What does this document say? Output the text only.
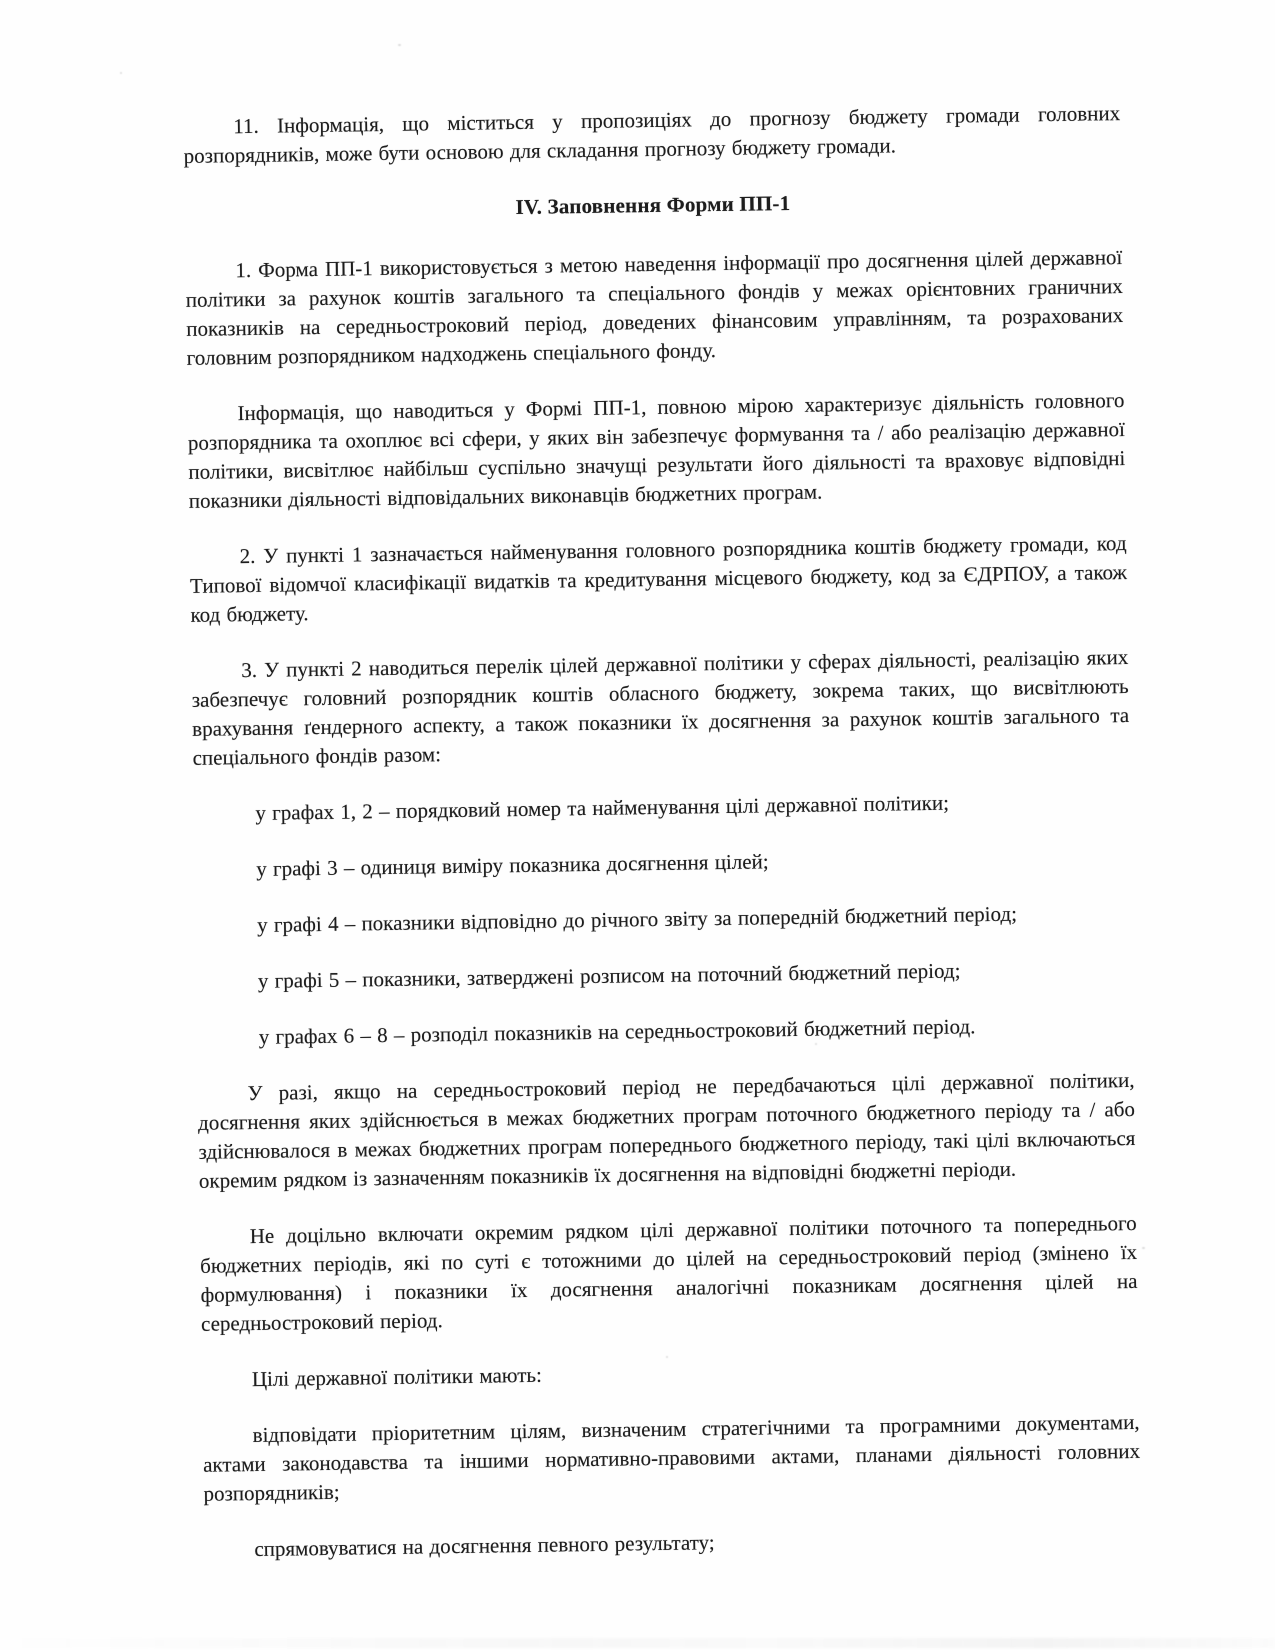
11. Інформація, що міститься у пропозиціях до прогнозу бюджету громади головних розпорядників, може бути основою для складання прогнозу бюджету громади.

IV. Заповнення Форми ПП-1

1. Форма ПП-1 використовується з метою наведення інформації про досягнення цілей державної політики за рахунок коштів загального та спеціального фондів у межах орієнтовних граничних показників на середньостроковий період, доведених фінансовим управлінням, та розрахованих головним розпорядником надходжень спеціального фонду.

Інформація, що наводиться у Формі ПП-1, повною мірою характеризує діяльність головного розпорядника та охоплює всі сфери, у яких він забезпечує формування та / або реалізацію державної політики, висвітлює найбільш суспільно значущі результати його діяльності та враховує відповідні показники діяльності відповідальних виконавців бюджетних програм.

2. У пункті 1 зазначається найменування головного розпорядника коштів бюджету громади, код Типової відомчої класифікації видатків та кредитування місцевого бюджету, код за ЄДРПОУ, а також код бюджету.

3. У пункті 2 наводиться перелік цілей державної політики у сферах діяльності, реалізацію яких забезпечує головний розпорядник коштів обласного бюджету, зокрема таких, що висвітлюють врахування ґендерного аспекту, а також показники їх досягнення за рахунок коштів загального та спеціального фондів разом:

у графах 1, 2 – порядковий номер та найменування цілі державної політики;

у графі 3 – одиниця виміру показника досягнення цілей;

у графі 4 – показники відповідно до річного звіту за попередній бюджетний період;

у графі 5 – показники, затверджені розписом на поточний бюджетний період;

у графах 6 – 8 – розподіл показників на середньостроковий бюджетний період.

У разі, якщо на середньостроковий період не передбачаються цілі державної політики, досягнення яких здійснюється в межах бюджетних програм поточного бюджетного періоду та / або здійснювалося в межах бюджетних програм попереднього бюджетного періоду, такі цілі включаються окремим рядком із зазначенням показників їх досягнення на відповідні бюджетні періоди.

Не доцільно включати окремим рядком цілі державної політики поточного та попереднього бюджетних періодів, які по суті є тотожними до цілей на середньостроковий період (змінено їх формулювання) і показники їх досягнення аналогічні показникам досягнення цілей на середньостроковий період.

Цілі державної політики мають:

відповідати пріоритетним цілям, визначеним стратегічними та програмними документами, актами законодавства та іншими нормативно-правовими актами, планами діяльності головних розпорядників;

спрямовуватися на досягнення певного результату;
